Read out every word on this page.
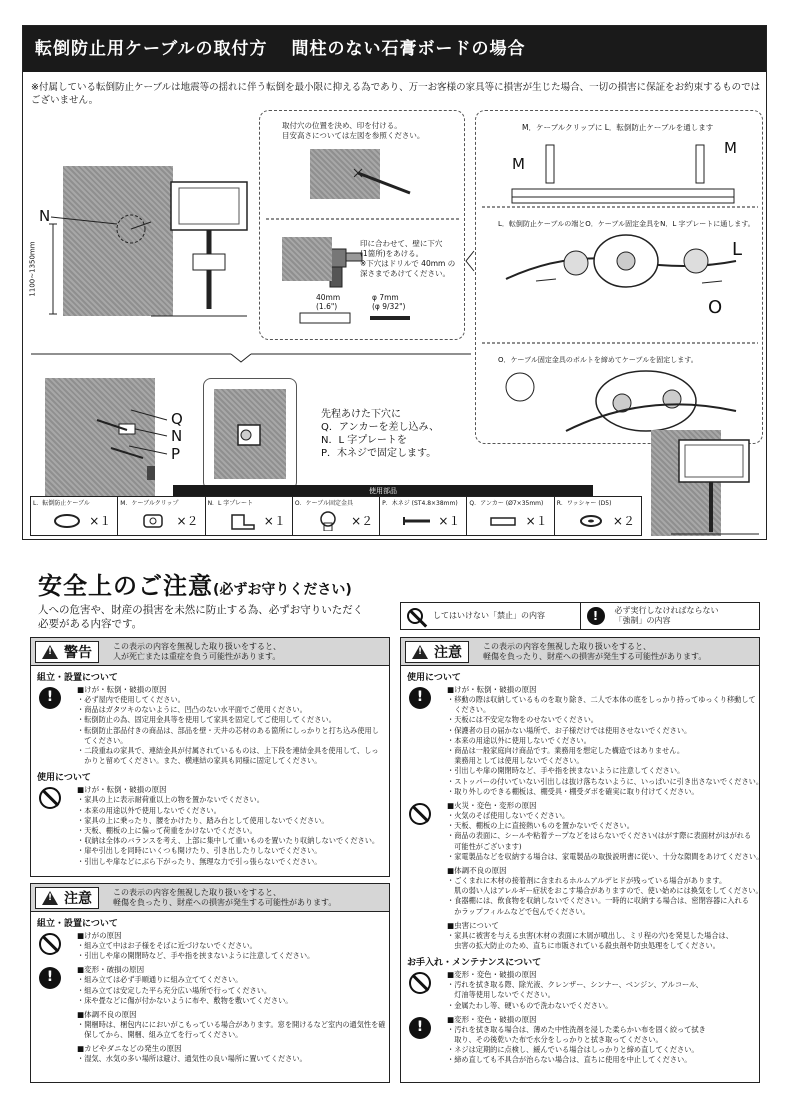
転倒防止用ケーブルの取付方 間柱のない石膏ボードの場合
※付属している転倒防止ケーブルは地震等の揺れに伴う転倒を最小限に抑える為であり、万一お客様の家具等に損害が生じた場合、一切の損害に保証をお約束するものではございません。
N
1100~1350mm
取付穴の位置を決め、印を付ける。
目安高さについては左図を参照ください。
印に合わせて、壁に下穴
(1箇所)をあける。
※下穴はドリルで 40mm の
深さまであけてください。
40mm
(1.6")
φ 7mm
(φ 9/32")
Q
N
P
先程あけた下穴に
Q．アンカーを差し込み、
N．L 字プレートを
P．木ネジで固定します。
M．ケーブルクリップに L．転倒防止ケーブルを通します
M
M
L．転倒防止ケーブルの端とO．ケーブル固定金具をN．L 字プレートに通します。
L
O
O．ケーブル固定金具のボルトを締めてケーブルを固定します。
使用部品
L．転倒防止ケーブル
×１
M．ケーブルクリップ
×２
N．L 字プレート
×１
O．ケーブル固定金具
×２
P．木ネジ (ST4.8×38mm)
×１
Q．アンカー (Ø7×35mm)
×１
R．ワッシャー (D5)
×２
安全上のご注意(必ずお守りください)
人への危害や、財産の損害を未然に防止する為、必ずお守りいただく
必要がある内容です。
してはいけない「禁止」の内容	!	必ず実行しなければならない
「強制」の内容
!
警告	この表示の内容を無視した取り扱いをすると、
人が死亡または重症を負う可能性があります。
組立・設置について
!
■けが・転倒・破損の原因
・必ず屋内で使用してください。
・商品はガタツキのないように、凹凸のない水平面でご使用ください。
・転倒防止の為、固定用金具等を使用して家具を固定してご使用してください。
・転倒防止部品付きの商品は、部品を壁・天井の芯材のある箇所にしっかりと打ち込み使用し
　てください。
・二段重ねの家具で、連結金具が付属されているものは、上下段を連結金具を使用して、しっ
　かりと留めてください。また、横連結の家具も同様に固定してください。
使用について
■けが・転倒・破損の原因
・家具の上に表示耐荷重以上の物を置かないでください。
・本来の用途以外で使用しないでください。
・家具の上に乗ったり、腰をかけたり、踏み台として使用しないでください。
・天板、棚板の上に偏って荷重をかけないでください。
・収納は全体のバランスを考え、上部に集中して重いものを置いたり収納しないでください。
・扉や引出しを同時にいくつも開けたり、引き出したりしないでください。
・引出しや扉などにぶら下がったり、無理な力で引っ張らないでください。
!
注意	この表示の内容を無視した取り扱いをすると、
軽傷を負ったり、財産への損害が発生する可能性があります。
組立・設置について
■けがの原因
・組み立て中はお子様をそばに近づけないでください。
・引出しや扉の開閉時など、手や指を挟まないように注意してください。
!
■変形・破損の原因
・組み立ては必ず手順通りに組み立ててください。
・組み立ては安定した平ら充分広い場所で行ってください。
・床や畳などに傷が付かないように布や、敷物を敷いてください。
■体調不良の原因
・開梱時は、梱包内ににおいがこもっている場合があります。窓を開けるなど室内の通気性を確
　保してから、開梱、組み立てを行ってください。
■カビやダニなどの発生の原因
・湿気、水気の多い場所は避け、通気性の良い場所に置いてください。
!
注意	この表示の内容を無視した取り扱いをすると、
軽傷を負ったり、財産への損害が発生する可能性があります。
使用について
!
■けが・転倒・破損の原因
・移動の際は収納しているものを取り除き、二人で本体の底をしっかり持ってゆっくり移動して
　ください。
・天板には不安定な物をのせないでください。
・保護者の目の届かない場所で、お子様だけでは使用させないでください。
・本来の用途以外に使用しないでください。
・商品は一般家庭向け商品です。業務用を想定した構造ではありません。
　業務用としては使用しないでください。
・引出しや扉の開閉時など、手や指を挟まないように注意してください。
・ストッパーの付いていない引出しは抜け落ちないように、いっぱいに引き出さないでください。
・取り外しのできる棚板は、棚受具・棚受ダボを確実に取り付けてください。
■火災・変色・変形の原因
・火気のそば使用しないでください。
・天板、棚板の上に直接熱いものを置かないでください。
・商品の表面に、シールや粘着テープなどをはらないでください(はがす際に表面材がはがれる
　可能性がございます)
・家電製品などを収納する場合は、家電製品の取扱説明書に従い、十分な隙間をあけてください。
■体調不良の原因
・ごくまれに木材の接着剤に含まれるホルムアルデヒドが残っている場合があります。
　肌の弱い人はアレルギー症状をおこす場合がありますので、使い始めには換気をしてください。
・食器棚には、飲食物を収納しないでください。一時的に収納する場合は、密閉容器に入れる
　かラップフィルムなどで包んでください。
■虫害について
・家具に被害を与える虫害(木材の表面に木屑が噴出し、ミリ程の穴)を発見した場合は、
　虫害の拡大防止のため、直ちに市販されている殺虫剤や防虫処理をしてください。
お手入れ・メンテナンスについて
■変形・変色・破損の原因
・汚れを拭き取る際、除光液、クレンザー、シンナー、ベンジン、アルコール、
　灯油等使用しないでください。
・金属たわし等、硬いもので洗わないでください。
!
■変形・変色・破損の原因
・汚れを拭き取る場合は、薄めた中性洗剤を浸した柔らかい布を固く絞って拭き
　取り、その後乾いた布で水分をしっかりと拭き取ってください。
・ネジは定期的に点検し、緩んでいる場合はしっかりと締め直してください。
・締め直しても不具合が治らない場合は、直ちに使用を中止してください。
